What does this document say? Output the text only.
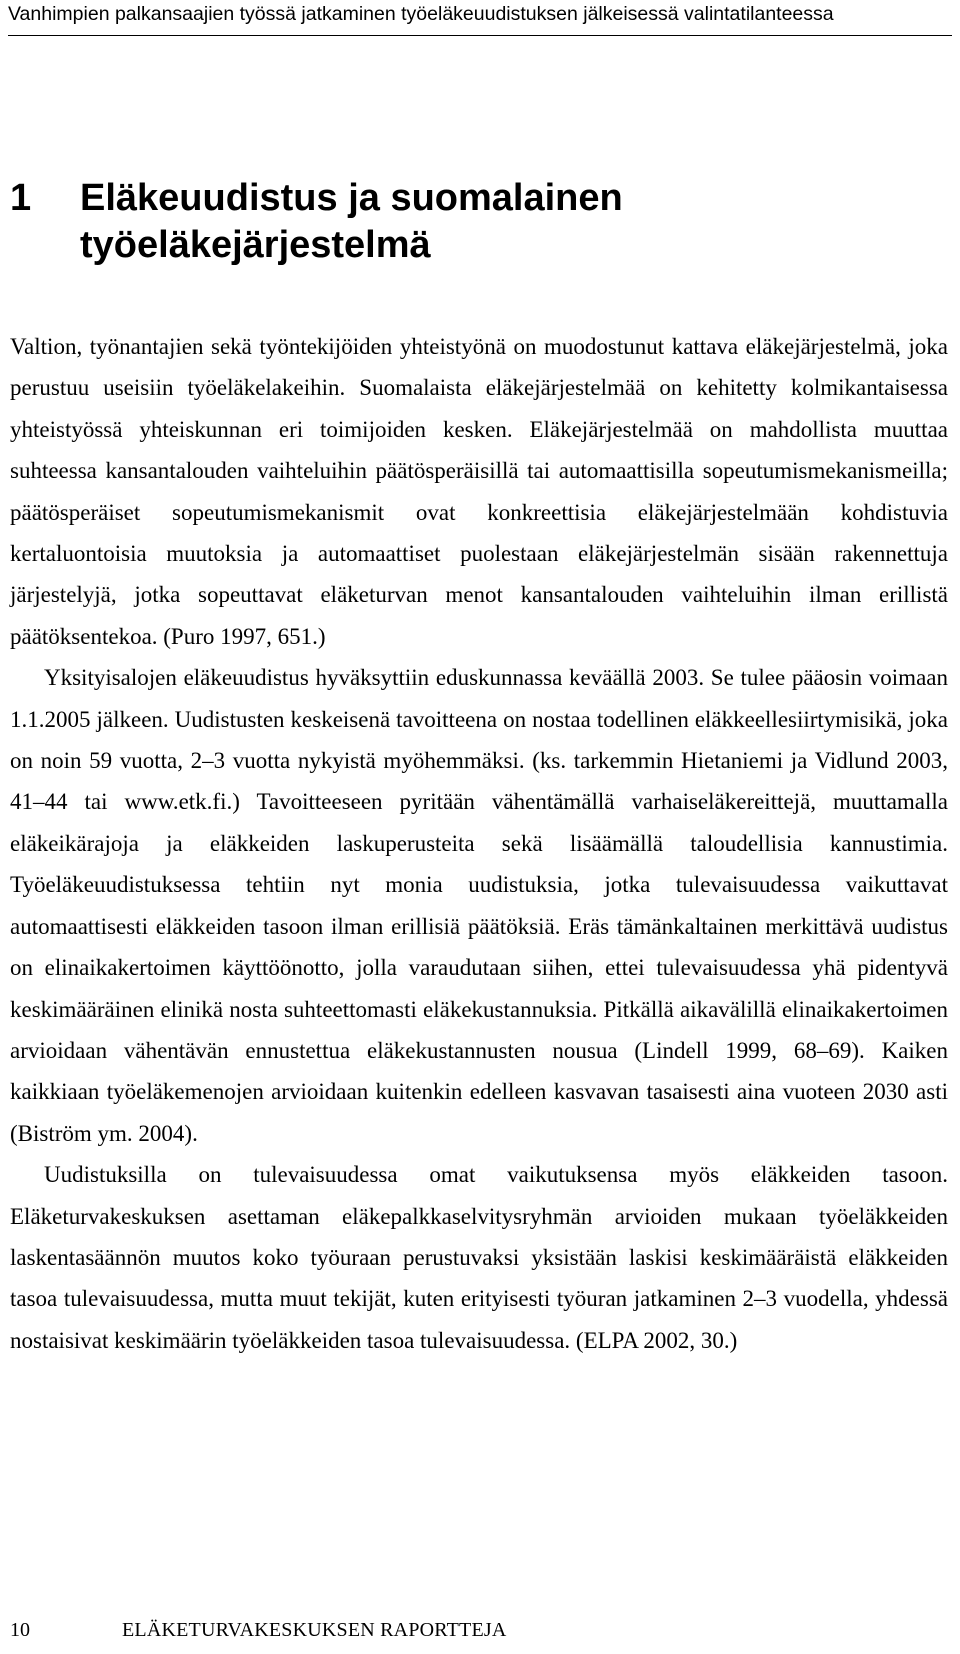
Vanhimpien palkansaajien työssä jatkaminen työeläkeuudistuksen jälkeisessä valintatilanteessa
1	Eläkeuudistus ja suomalainen
työeläkejärjestelmä

Valtion, työnantajien sekä työntekijöiden yhteistyönä on muodostunut kattava eläkejärjestelmä, joka perustuu useisiin työeläkelakeihin. Suomalaista eläkejärjestelmää on kehitetty kolmikantaisessa yhteistyössä yhteiskunnan eri toimijoiden kesken. Eläkejärjestelmää on mahdollista muuttaa suhteessa kansantalouden vaihteluihin päätösperäisillä tai automaattisilla sopeutumismekanismeilla; päätösperäiset sopeutumismekanismit ovat konkreettisia eläkejärjestelmään kohdistuvia kertaluontoisia muutoksia ja automaattiset puolestaan eläkejärjestelmän sisään rakennettuja järjestelyjä, jotka sopeuttavat eläketurvan menot kansantalouden vaihteluihin ilman erillistä päätöksentekoa. (Puro 1997, 651.)

Yksityisalojen eläkeuudistus hyväksyttiin eduskunnassa keväällä 2003. Se tulee pääosin voimaan 1.1.2005 jälkeen. Uudistusten keskeisenä tavoitteena on nostaa todellinen eläkkeellesiirtymisikä, joka on noin 59 vuotta, 2–3 vuotta nykyistä myöhemmäksi. (ks. tarkemmin Hietaniemi ja Vidlund 2003, 41–44 tai www.etk.fi.) Tavoitteeseen pyritään vähentämällä varhaiseläkereittejä, muuttamalla eläkeikärajoja ja eläkkeiden laskuperusteita sekä lisäämällä taloudellisia kannustimia. Työeläkeuudistuksessa tehtiin nyt monia uudistuksia, jotka tulevaisuudessa vaikuttavat automaattisesti eläkkeiden tasoon ilman erillisiä päätöksiä. Eräs tämänkaltainen merkittävä uudistus on elinaikakertoimen käyttöönotto, jolla varaudutaan siihen, ettei tulevaisuudessa yhä pidentyvä keskimääräinen elinikä nosta suhteettomasti eläkekustannuksia. Pitkällä aikavälillä elinaikakertoimen arvioidaan vähentävän ennustettua eläkekustannusten nousua (Lindell 1999, 68–69). Kaiken kaikkiaan työeläkemenojen arvioidaan kuitenkin edelleen kasvavan tasaisesti aina vuoteen 2030 asti (Biström ym. 2004).

Uudistuksilla on tulevaisuudessa omat vaikutuksensa myös eläkkeiden tasoon. Eläketurvakeskuksen asettaman eläkepalkkaselvitysryhmän arvioiden mukaan työeläkkeiden laskentasäännön muutos koko työuraan perustuvaksi yksistään laskisi keskimääräistä eläkkeiden tasoa tulevaisuudessa, mutta muut tekijät, kuten erityisesti työuran jatkaminen 2–3 vuodella, yhdessä nostaisivat keskimäärin työeläkkeiden tasoa tulevaisuudessa. (ELPA 2002, 30.)

10	ELÄKETURVAKESKUKSEN RAPORTTEJA
